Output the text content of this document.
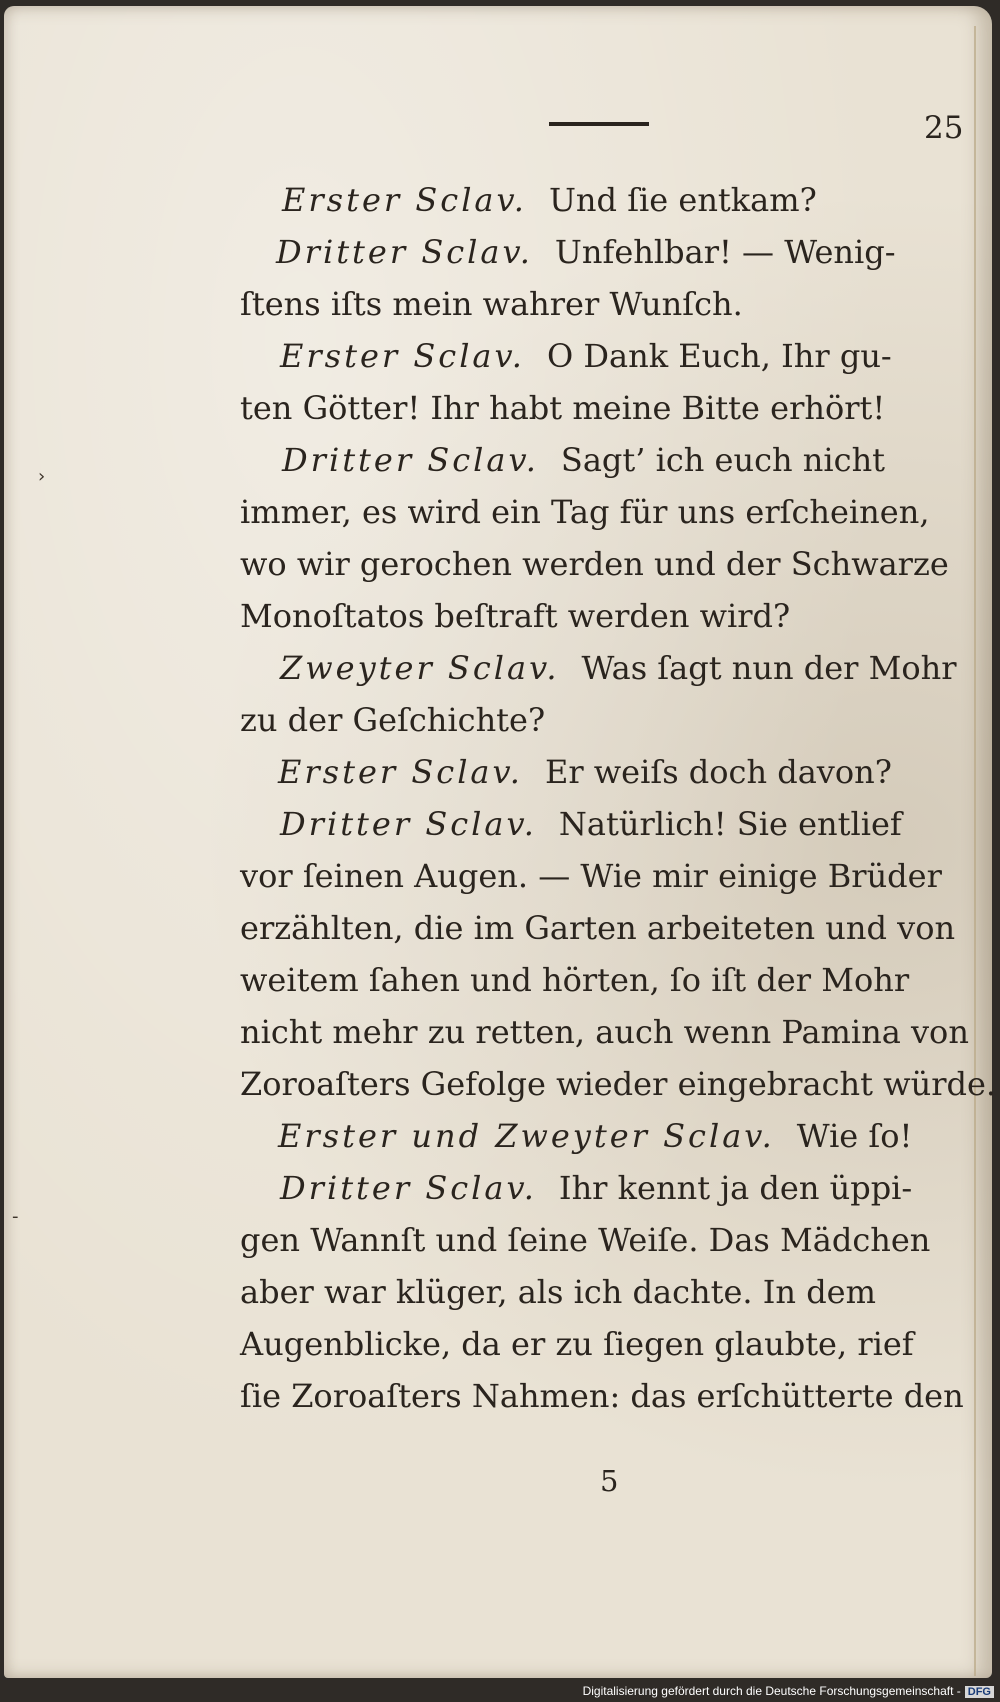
25
Erster Sclav. Und ſie entkam?
Dritter Sclav. Unfehlbar! — Wenig-
ſtens iſts mein wahrer Wunſch.
Erster Sclav. O Dank Euch, Ihr gu-
ten Götter! Ihr habt meine Bitte erhört!
Dritter Sclav. Sagt’ ich euch nicht
immer, es wird ein Tag für uns erſcheinen,
wo wir gerochen werden und der Schwarze
Monoſtatos beſtraft werden wird?
Zweyter Sclav. Was ſagt nun der Mohr
zu der Geſchichte?
Erster Sclav. Er weiſs doch davon?
Dritter Sclav. Natürlich! Sie entlief
vor ſeinen Augen. — Wie mir einige Brüder
erzählten, die im Garten arbeiteten und von
weitem ſahen und hörten, ſo iſt der Mohr
nicht mehr zu retten, auch wenn Pamina von
Zoroaſters Gefolge wieder eingebracht würde.
Erster und Zweyter Sclav. Wie ſo!
Dritter Sclav. Ihr kennt ja den üppi-
gen Wannſt und ſeine Weiſe. Das Mädchen
aber war klüger, als ich dachte. In dem
Augenblicke, da er zu ſiegen glaubte, rief
ſie Zoroaſters Nahmen: das erſchütterte den
5
›
-
Digitalisierung gefördert durch die Deutsche Forschungsgemeinschaft - DFG
